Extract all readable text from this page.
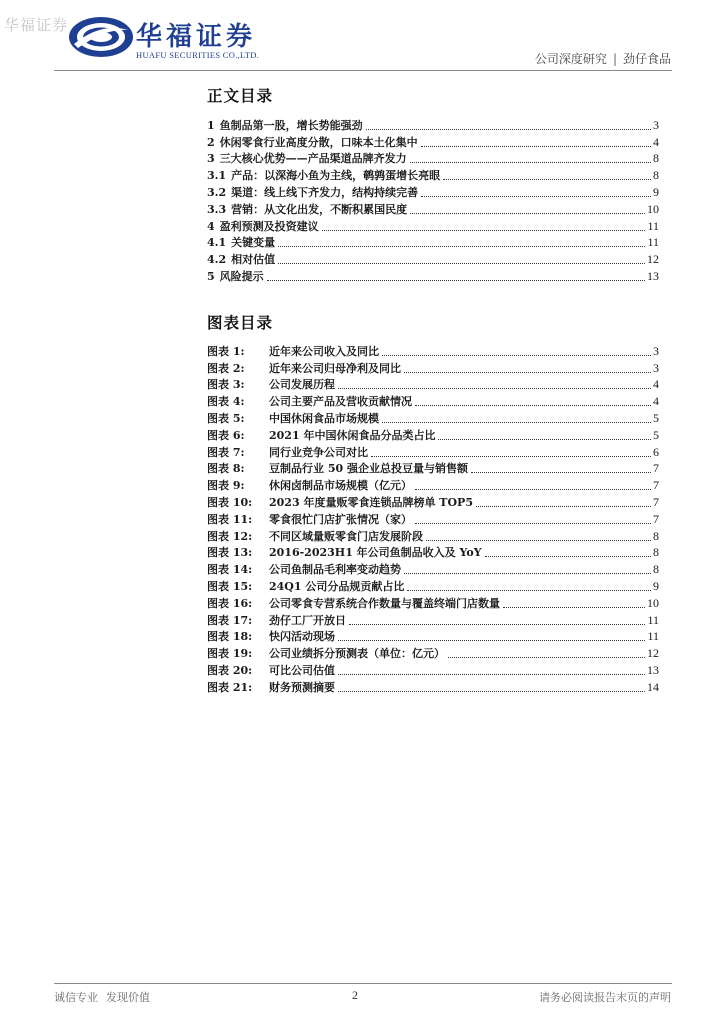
华福证券	华福证券
HUAFU SECURITIES CO.,LTD.	公司深度研究 | 劲仔食品
正文目录
1 鱼制品第一股，增长势能强劲	3
2 休闲零食行业高度分散，口味本土化集中	4
3 三大核心优势——产品渠道品牌齐发力	8
3.1 产品：以深海小鱼为主线，鹌鹑蛋增长亮眼	8
3.2 渠道：线上线下齐发力，结构持续完善	9
3.3 营销：从文化出发，不断积累国民度	10
4 盈利预测及投资建议	11
4.1 关键变量	11
4.2 相对估值	12
5 风险提示	13
图表目录
图表 1: 近年来公司收入及同比	3
图表 2: 近年来公司归母净利及同比	3
图表 3: 公司发展历程	4
图表 4: 公司主要产品及营收贡献情况	4
图表 5: 中国休闲食品市场规模	5
图表 6: 2021 年中国休闲食品分品类占比	5
图表 7: 同行业竞争公司对比	6
图表 8: 豆制品行业 50 强企业总投豆量与销售额	7
图表 9: 休闲卤制品市场规模（亿元）	7
图表 10: 2023 年度量贩零食连锁品牌榜单 TOP5	7
图表 11: 零食很忙门店扩张情况（家）	7
图表 12: 不同区域量贩零食门店发展阶段	8
图表 13: 2016-2023H1 年公司鱼制品收入及 YoY	8
图表 14: 公司鱼制品毛利率变动趋势	8
图表 15: 24Q1 公司分品规贡献占比	9
图表 16: 公司零食专营系统合作数量与覆盖终端门店数量	10
图表 17: 劲仔工厂开放日	11
图表 18: 快闪活动现场	11
图表 19: 公司业绩拆分预测表（单位：亿元）	12
图表 20: 可比公司估值	13
图表 21: 财务预测摘要	14
诚信专业 发现价值	2	请务必阅读报告末页的声明
